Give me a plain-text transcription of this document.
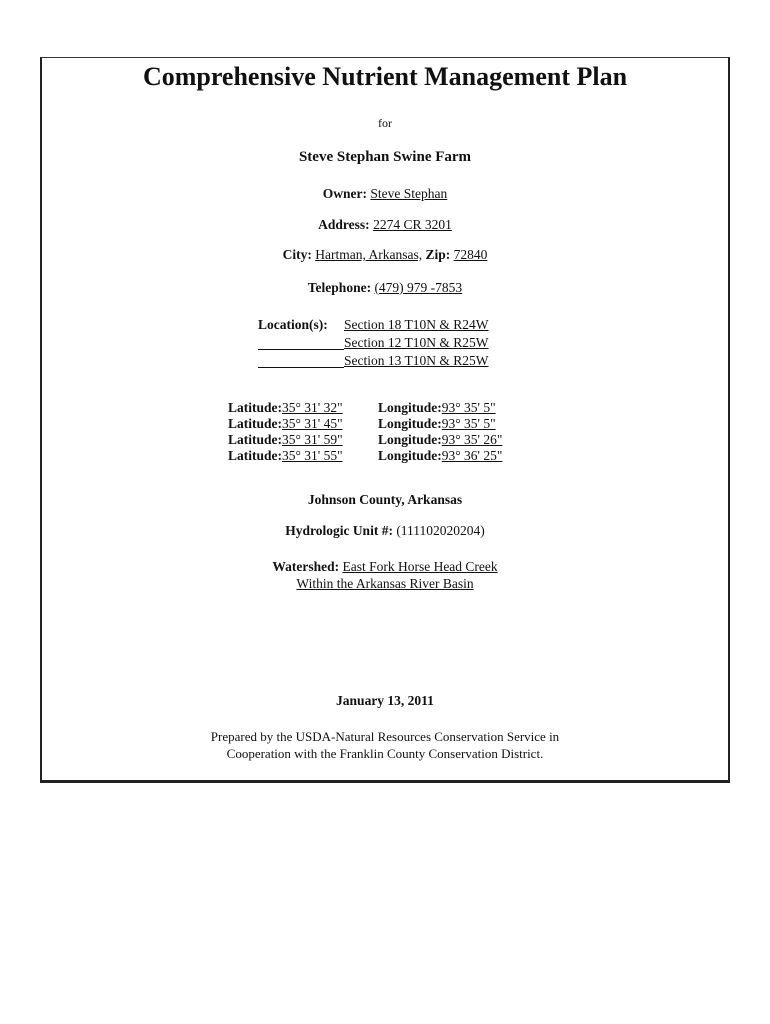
Comprehensive Nutrient Management Plan
for
Steve Stephan Swine Farm
Owner: Steve Stephan
Address: 2274 CR 3201
City: Hartman, Arkansas, Zip: 72840
Telephone: (479) 979 -7853
Location(s):	Section 18 T10N & R24W
Section 12 T10N & R25W
Section 13 T10N & R25W
Latitude: 35° 31' 32"	Longitude: 93° 35' 5"
Latitude: 35° 31' 45"	Longitude: 93° 35' 5"
Latitude: 35° 31' 59"	Longitude: 93° 35' 26"
Latitude: 35° 31' 55"	Longitude: 93° 36' 25"
Johnson County, Arkansas
Hydrologic Unit #: (111102020204)
Watershed: East Fork Horse Head Creek
Within the Arkansas River Basin
January 13, 2011
Prepared by the USDA-Natural Resources Conservation Service in
Cooperation with the Franklin County Conservation District.
